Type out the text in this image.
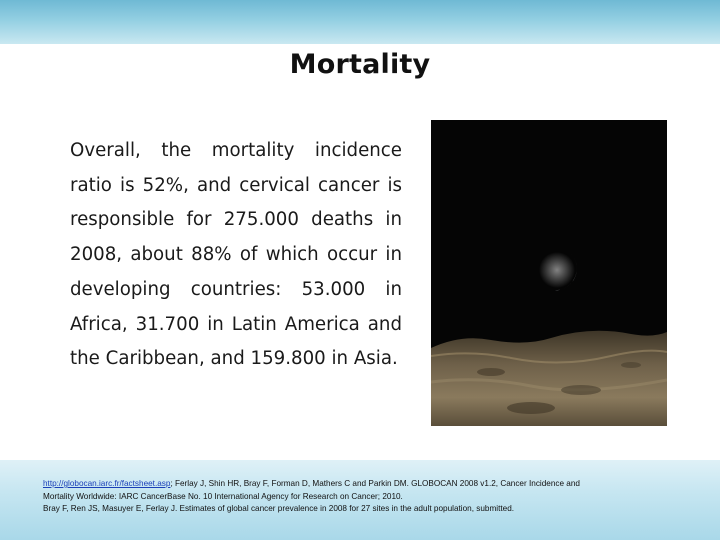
Mortality

Overall, the mortality incidence ratio is 52%, and cervical cancer is responsible for 275.000 deaths in 2008, about 88% of which occur in developing countries: 53.000 in Africa, 31.700 in Latin America and the Caribbean, and 159.800 in Asia.

http://globocan.iarc.fr/factsheet.asp; Ferlay J, Shin HR, Bray F, Forman D, Mathers C and Parkin DM. GLOBOCAN 2008 v1.2, Cancer Incidence and
Mortality Worldwide: IARC CancerBase No. 10 International Agency for Research on Cancer; 2010.
Bray F, Ren JS, Masuyer E, Ferlay J. Estimates of global cancer prevalence in 2008 for 27 sites in the adult population, submitted.
